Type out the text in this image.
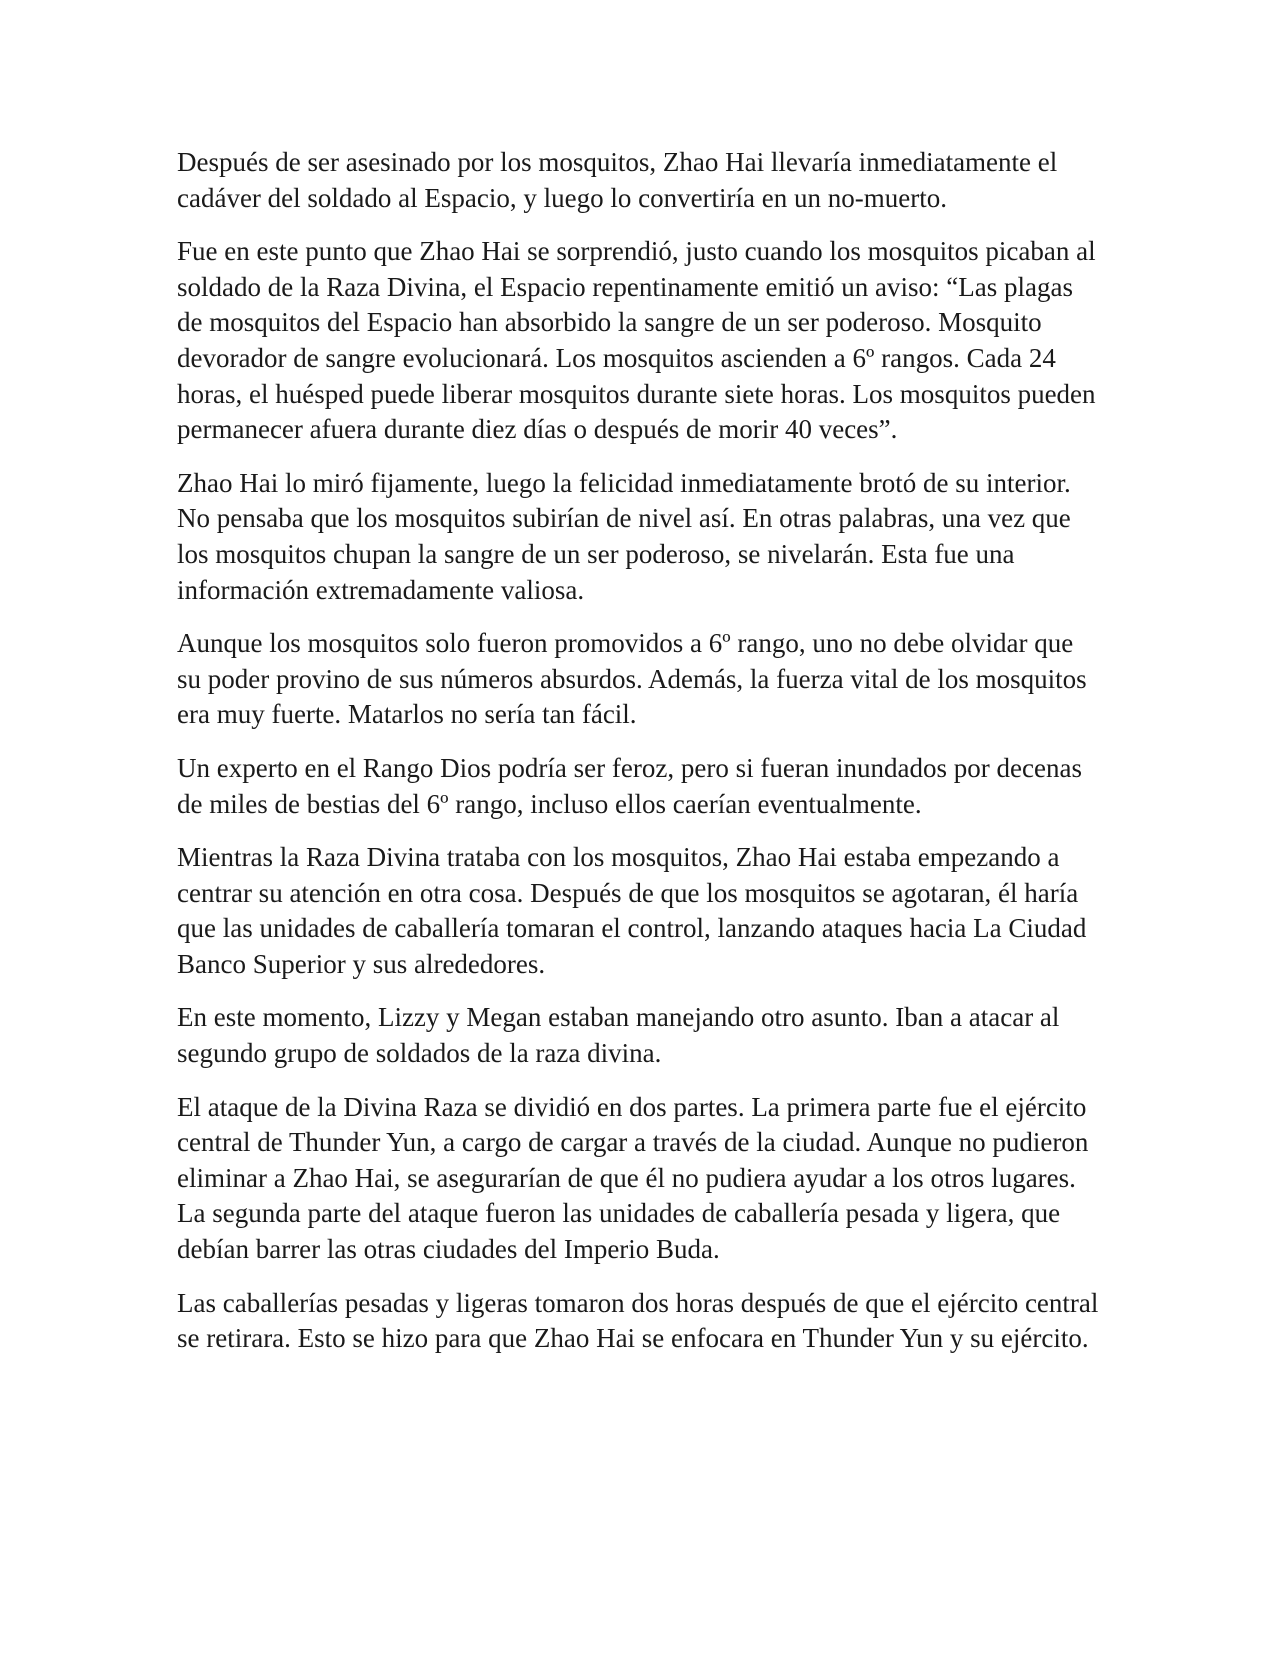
Después de ser asesinado por los mosquitos, Zhao Hai llevaría inmediatamente el cadáver del soldado al Espacio, y luego lo convertiría en un no-muerto.

Fue en este punto que Zhao Hai se sorprendió, justo cuando los mosquitos picaban al soldado de la Raza Divina, el Espacio repentinamente emitió un aviso: “Las plagas de mosquitos del Espacio han absorbido la sangre de un ser poderoso. Mosquito devorador de sangre evolucionará. Los mosquitos ascienden a 6º rangos. Cada 24 horas, el huésped puede liberar mosquitos durante siete horas. Los mosquitos pueden permanecer afuera durante diez días o después de morir 40 veces”.

Zhao Hai lo miró fijamente, luego la felicidad inmediatamente brotó de su interior. No pensaba que los mosquitos subirían de nivel así. En otras palabras, una vez que los mosquitos chupan la sangre de un ser poderoso, se nivelarán. Esta fue una información extremadamente valiosa.

Aunque los mosquitos solo fueron promovidos a 6º rango, uno no debe olvidar que su poder provino de sus números absurdos. Además, la fuerza vital de los mosquitos era muy fuerte. Matarlos no sería tan fácil.

Un experto en el Rango Dios podría ser feroz, pero si fueran inundados por decenas de miles de bestias del 6º rango, incluso ellos caerían eventualmente.

Mientras la Raza Divina trataba con los mosquitos, Zhao Hai estaba empezando a centrar su atención en otra cosa. Después de que los mosquitos se agotaran, él haría que las unidades de caballería tomaran el control, lanzando ataques hacia La Ciudad Banco Superior y sus alrededores.

En este momento, Lizzy y Megan estaban manejando otro asunto. Iban a atacar al segundo grupo de soldados de la raza divina.

El ataque de la Divina Raza se dividió en dos partes. La primera parte fue el ejército central de Thunder Yun, a cargo de cargar a través de la ciudad. Aunque no pudieron eliminar a Zhao Hai, se asegurarían de que él no pudiera ayudar a los otros lugares. La segunda parte del ataque fueron las unidades de caballería pesada y ligera, que debían barrer las otras ciudades del Imperio Buda.

Las caballerías pesadas y ligeras tomaron dos horas después de que el ejército central se retirara. Esto se hizo para que Zhao Hai se enfocara en Thunder Yun y su ejército.
